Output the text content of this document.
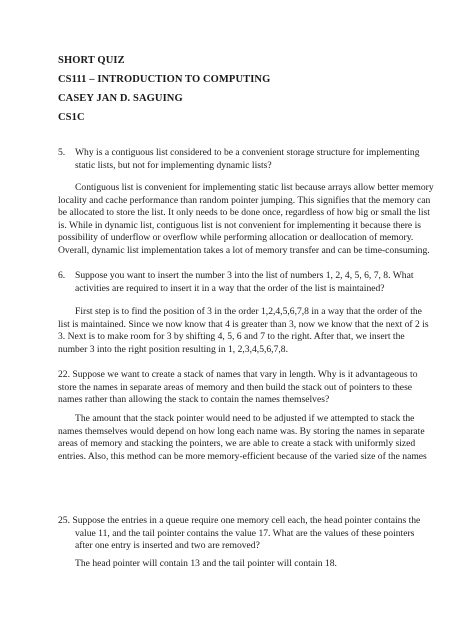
SHORT QUIZ
CS111 – INTRODUCTION TO COMPUTING
CASEY JAN D. SAGUING
CS1C
5. Why is a contiguous list considered to be a convenient storage structure for implementing
static lists, but not for implementing dynamic lists?
Contiguous list is convenient for implementing static list because arrays allow better memory
locality and cache performance than random pointer jumping. This signifies that the memory can
be allocated to store the list. It only needs to be done once, regardless of how big or small the list
is. While in dynamic list, contiguous list is not convenient for implementing it because there is
possibility of underflow or overflow while performing allocation or deallocation of memory.
Overall, dynamic list implementation takes a lot of memory transfer and can be time-consuming.
6. Suppose you want to insert the number 3 into the list of numbers 1, 2, 4, 5, 6, 7, 8. What
activities are required to insert it in a way that the order of the list is maintained?
First step is to find the position of 3 in the order 1,2,4,5,6,7,8 in a way that the order of the
list is maintained. Since we now know that 4 is greater than 3, now we know that the next of 2 is
3. Next is to make room for 3 by shifting 4, 5, 6 and 7 to the right. After that, we insert the
number 3 into the right position resulting in 1, 2,3,4,5,6,7,8.
22. Suppose we want to create a stack of names that vary in length. Why is it advantageous to
store the names in separate areas of memory and then build the stack out of pointers to these
names rather than allowing the stack to contain the names themselves?
The amount that the stack pointer would need to be adjusted if we attempted to stack the
names themselves would depend on how long each name was. By storing the names in separate
areas of memory and stacking the pointers, we are able to create a stack with uniformly sized
entries. Also, this method can be more memory-efficient because of the varied size of the names
25. Suppose the entries in a queue require one memory cell each, the head pointer contains the
value 11, and the tail pointer contains the value 17. What are the values of these pointers
after one entry is inserted and two are removed?
The head pointer will contain 13 and the tail pointer will contain 18.
